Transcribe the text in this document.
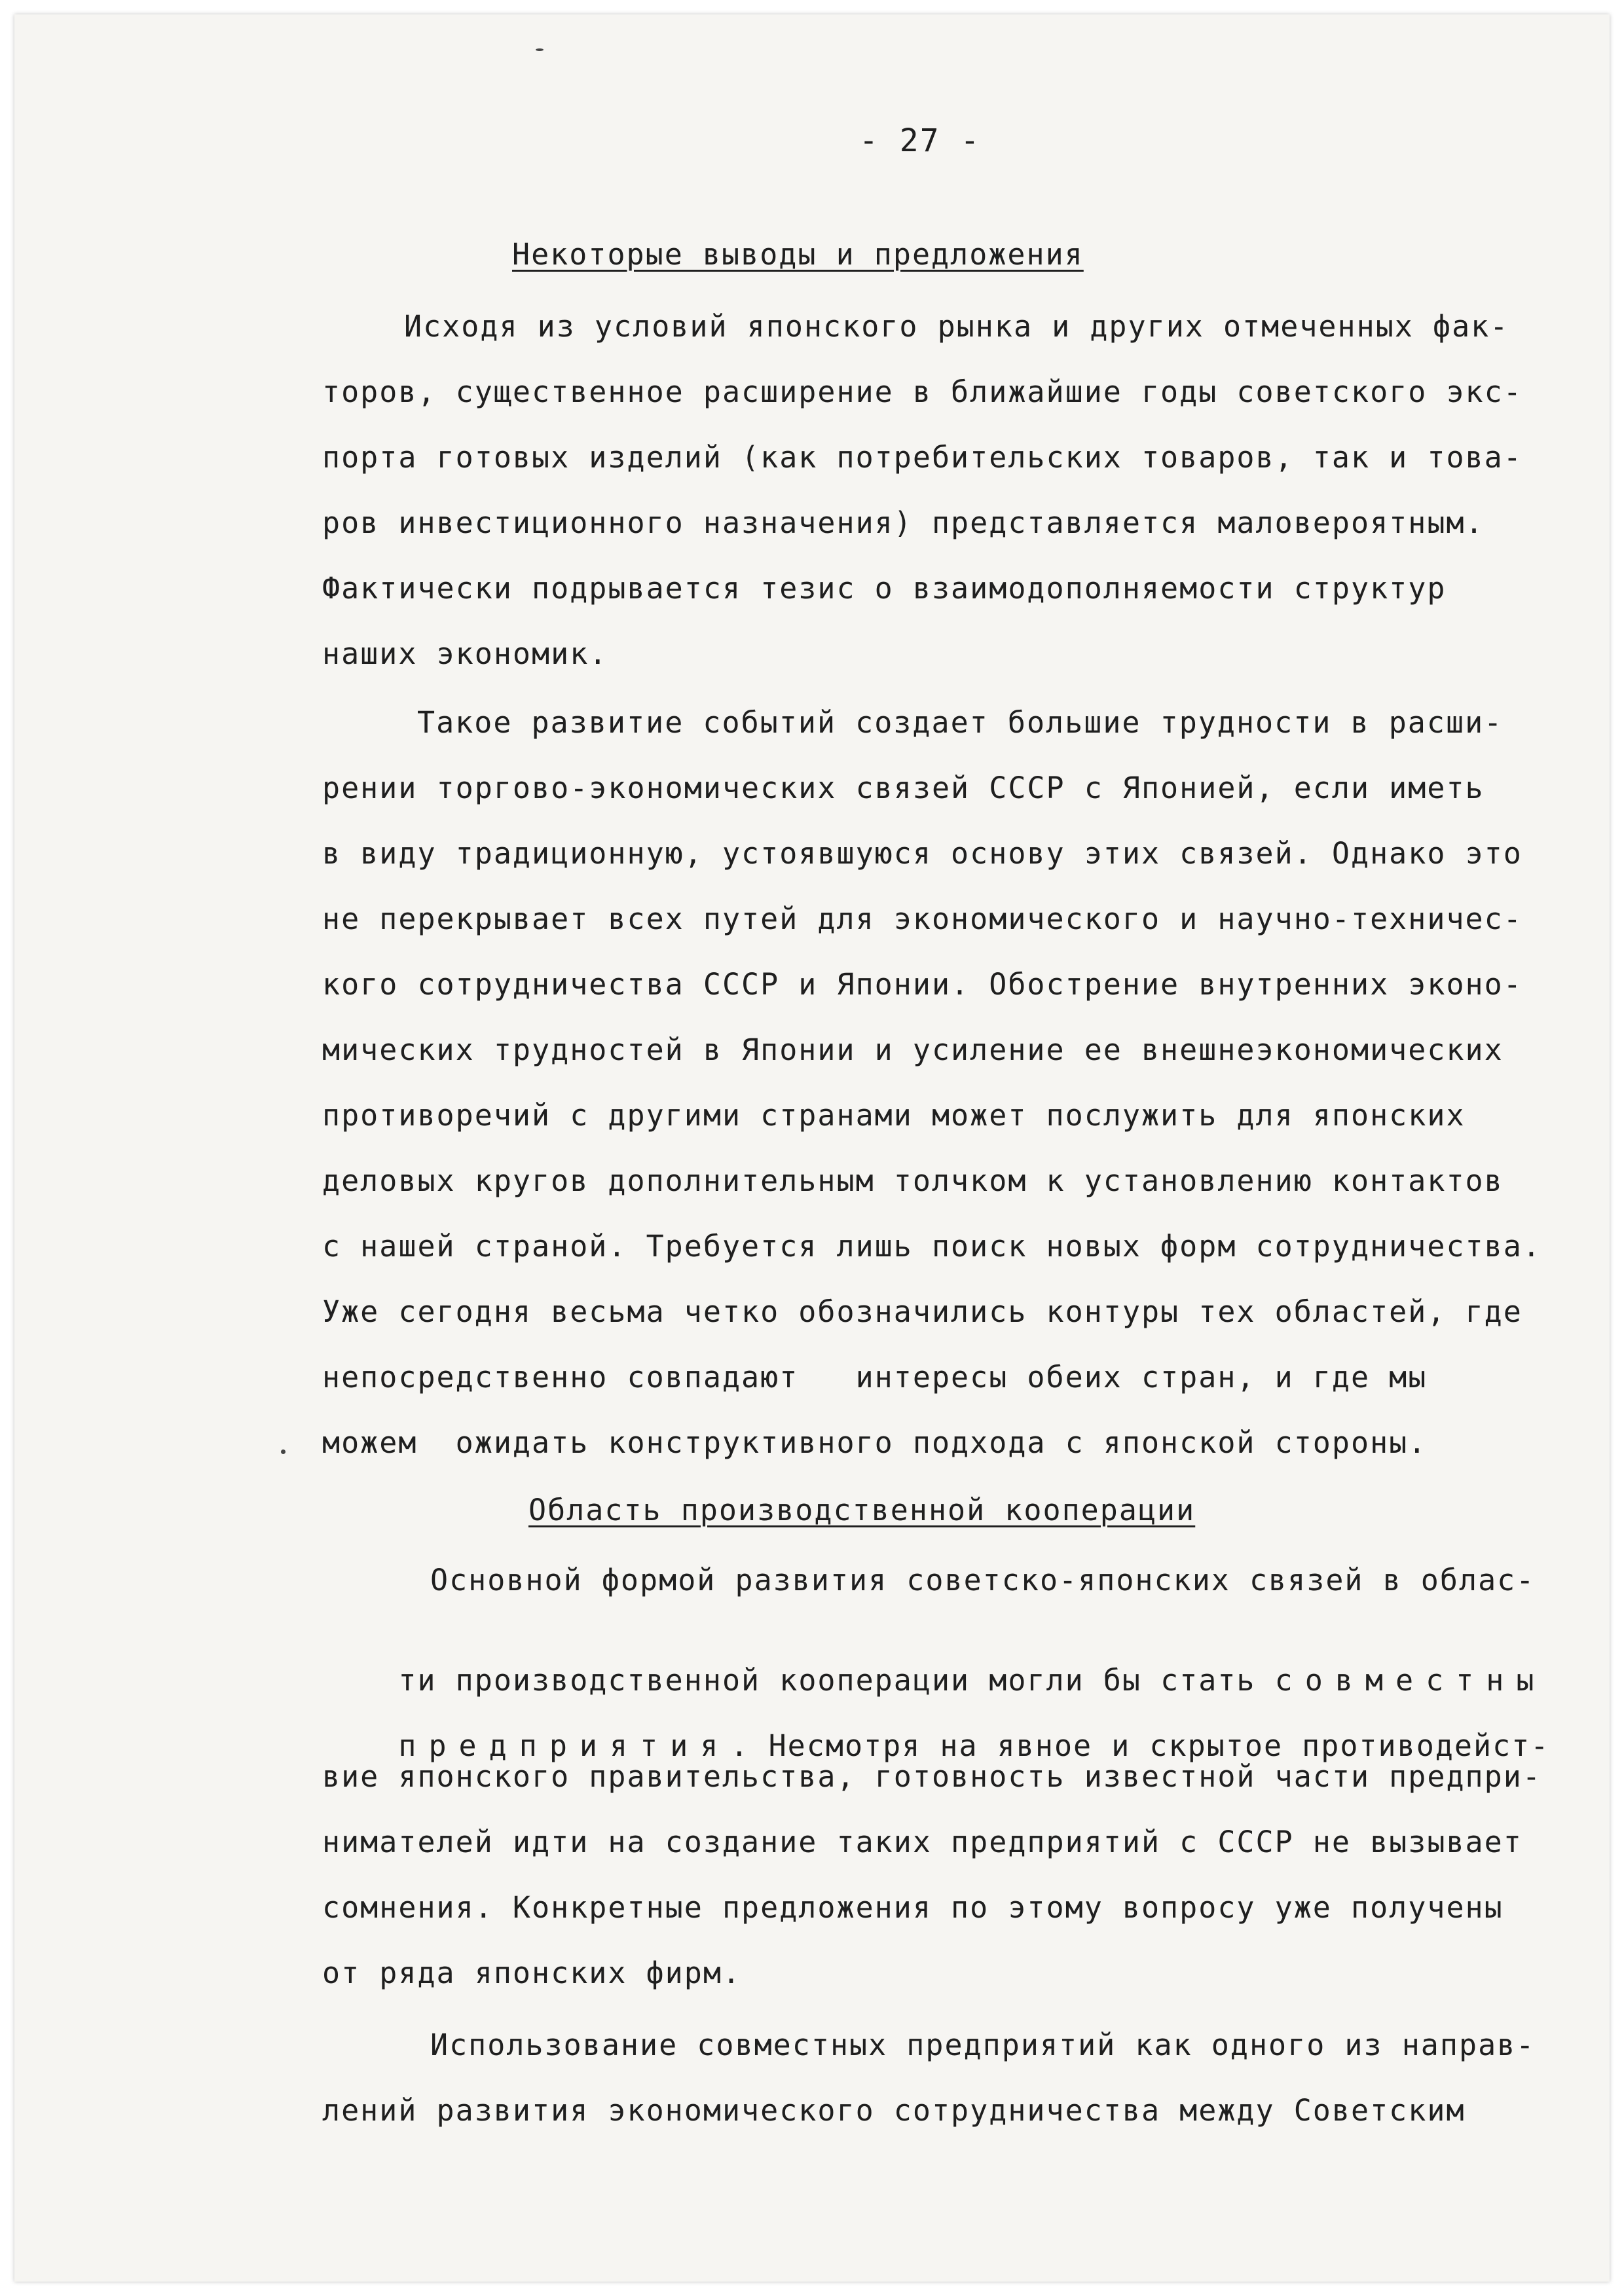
- 27 -
Некоторые выводы и предложения
Исходя из условий японского рынка и других отмеченных фак-
торов, существенное расширение в ближайшие годы советского экс-
порта готовых изделий (как потребительских товаров, так и това-
ров инвестиционного назначения) представляется маловероятным.
Фактически подрывается тезис о взаимодополняемости структур
наших экономик.
Такое развитие событий создает большие трудности в расши-
рении торгово-экономических связей СССР с Японией, если иметь
в виду традиционную, устоявшуюся основу этих связей. Однако это
не перекрывает всех путей для экономического и научно-техничес-
кого сотрудничества СССР и Японии. Обострение внутренних эконо-
мических трудностей в Японии и усиление ее внешнеэкономических
противоречий с другими странами может послужить для японских
деловых кругов дополнительным толчком к установлению контактов
с нашей страной. Требуется лишь поиск новых форм сотрудничества.
Уже сегодня весьма четко обозначились контуры тех областей, где
непосредственно совпадают   интересы обеих стран, и где мы
можем  ожидать конструктивного подхода с японской стороны.
Область производственной кооперации
Основной формой развития советско-японских связей в облас-

ти производственной кооперации могли бы стать совместны

предприятия. Несмотря на явное и скрытое противодейст-

вие японского правительства, готовность известной части предпри-
нимателей идти на создание таких предприятий с СССР не вызывает
сомнения. Конкретные предложения по этому вопросу уже получены
от ряда японских фирм.
Использование совместных предприятий как одного из направ-
лений развития экономического сотрудничества между Советским
